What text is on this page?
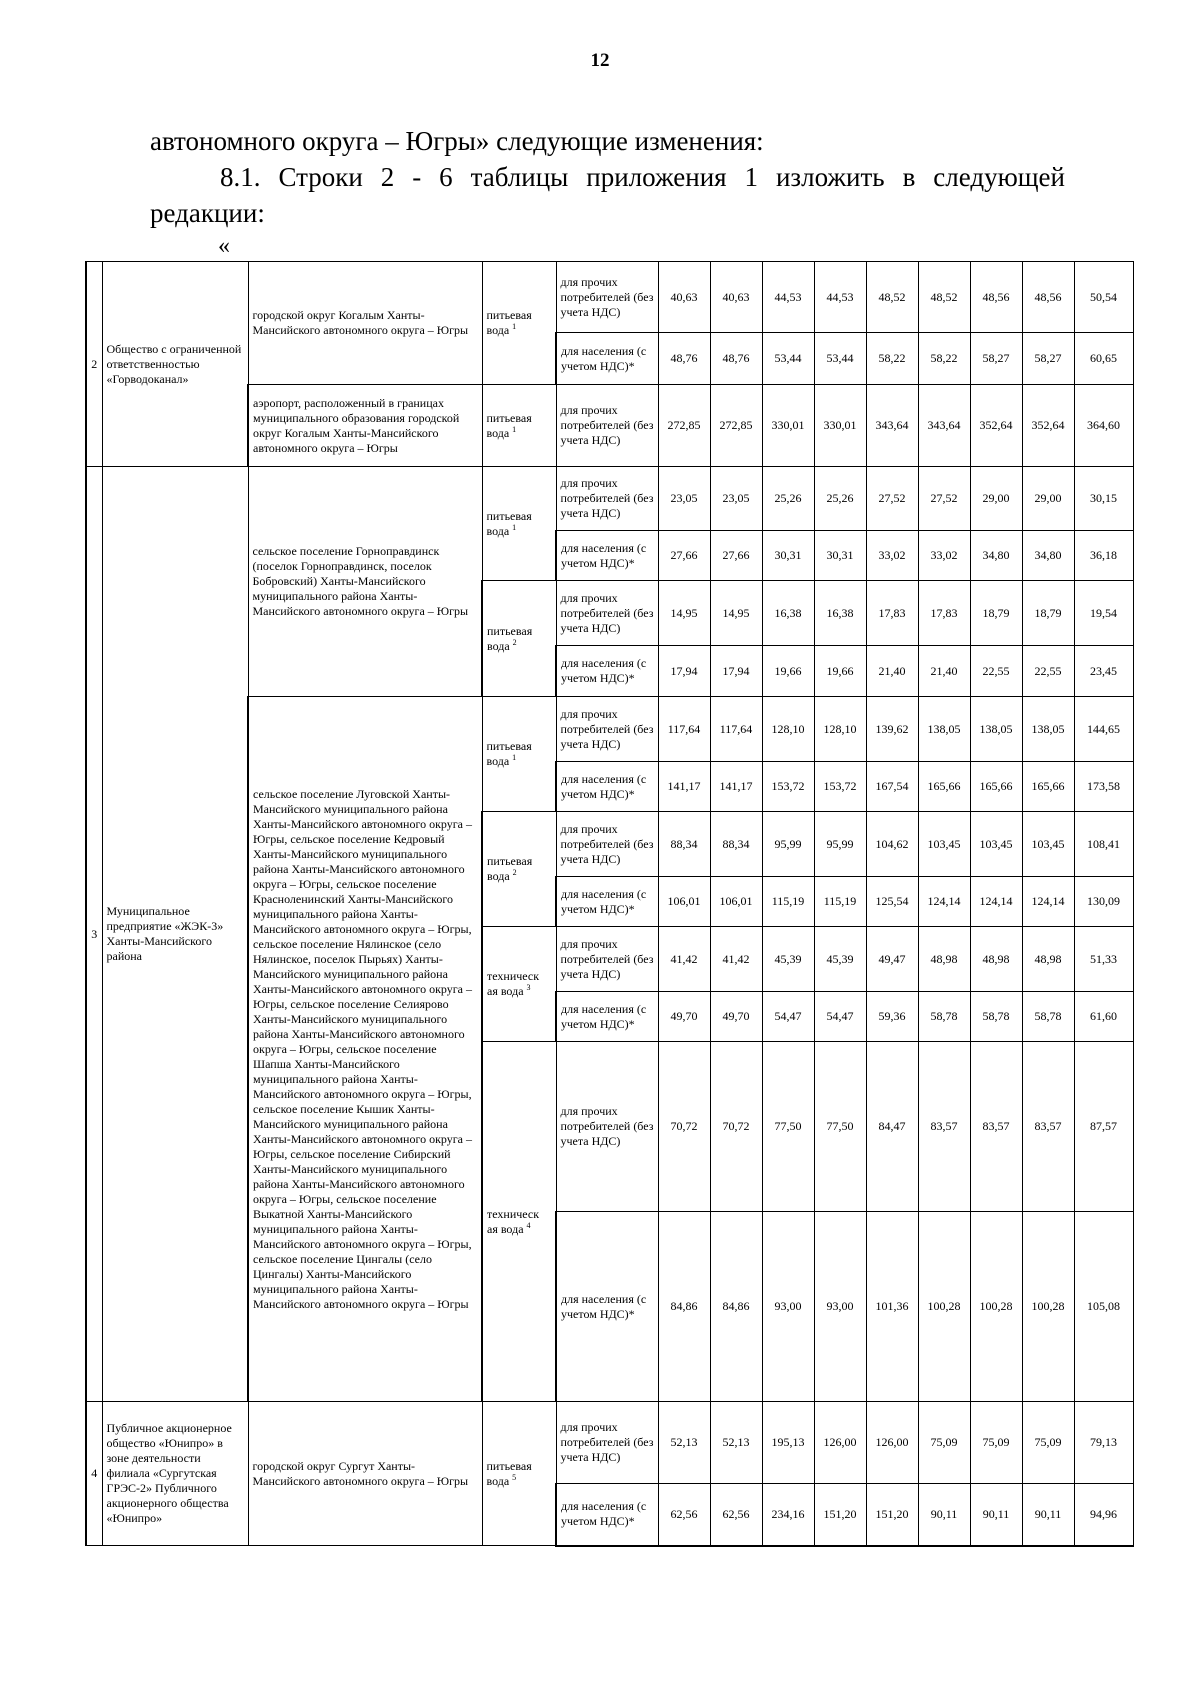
12
автономного округа – Югры» следующие изменения:
8.1. Строки 2 - 6 таблицы приложения 1 изложить в следующей
редакции:
«
2	Общество с ограниченной ответственностью «Горводоканал»	городской округ Когалым Ханты-Мансийского автономного округа – Югры	питьевая вода $^1$	для прочих потребителей (без учета НДС)	40,63	40,63	44,53	44,53	48,52	48,52	48,56	48,56	50,54
				для населения (с учетом НДС)*	48,76	48,76	53,44	53,44	58,22	58,22	58,27	58,27	60,65
		аэропорт, расположенный в границах муниципального образования городской округ Когалым Ханты-Мансийского автономного округа – Югры	питьевая вода $^1$	для прочих потребителей (без учета НДС)	272,85	272,85	330,01	330,01	343,64	343,64	352,64	352,64	364,60
3	Муниципальное предприятие «ЖЭК-3» Ханты-Мансийского района	сельское поселение Горноправдинск (поселок Горноправдинск, поселок Бобровский) Ханты-Мансийского муниципального района Ханты-Мансийского автономного округа – Югры	питьевая вода $^1$	для прочих потребителей (без учета НДС)	23,05	23,05	25,26	25,26	27,52	27,52	29,00	29,00	30,15
				для населения (с учетом НДС)*	27,66	27,66	30,31	30,31	33,02	33,02	34,80	34,80	36,18
			питьевая вода $^2$	для прочих потребителей (без учета НДС)	14,95	14,95	16,38	16,38	17,83	17,83	18,79	18,79	19,54
				для населения (с учетом НДС)*	17,94	17,94	19,66	19,66	21,40	21,40	22,55	22,55	23,45
		сельское поселение Луговской Ханты-Мансийского муниципального района Ханты-Мансийского автономного округа – Югры, сельское поселение Кедровый Ханты-Мансийского муниципального района Ханты-Мансийского автономного округа – Югры, сельское поселение Красноленинский Ханты-Мансийского муниципального района Ханты-Мансийского автономного округа – Югры, сельское поселение Нялинское (село Нялинское, поселок Пырьях) Ханты-Мансийского муниципального района Ханты-Мансийского автономного округа – Югры, сельское поселение Селиярово Ханты-Мансийского муниципального района Ханты-Мансийского автономного округа – Югры, сельское поселение Шапша Ханты-Мансийского муниципального района Ханты-Мансийского автономного округа – Югры, сельское поселение Кышик Ханты-Мансийского муниципального района Ханты-Мансийского автономного округа – Югры, сельское поселение Сибирский Ханты-Мансийского муниципального района Ханты-Мансийского автономного округа – Югры, сельское поселение Выкатной Ханты-Мансийского муниципального района Ханты-Мансийского автономного округа – Югры, сельское поселение Цингалы (село Цингалы) Ханты-Мансийского муниципального района Ханты-Мансийского автономного округа – Югры	питьевая вода $^1$	для прочих потребителей (без учета НДС)	117,64	117,64	128,10	128,10	139,62	138,05	138,05	138,05	144,65
				для населения (с учетом НДС)*	141,17	141,17	153,72	153,72	167,54	165,66	165,66	165,66	173,58
			питьевая вода $^2$	для прочих потребителей (без учета НДС)	88,34	88,34	95,99	95,99	104,62	103,45	103,45	103,45	108,41
				для населения (с учетом НДС)*	106,01	106,01	115,19	115,19	125,54	124,14	124,14	124,14	130,09
			техническ ая вода $^3$	для прочих потребителей (без учета НДС)	41,42	41,42	45,39	45,39	49,47	48,98	48,98	48,98	51,33
				для населения (с учетом НДС)*	49,70	49,70	54,47	54,47	59,36	58,78	58,78	58,78	61,60
			техническ ая вода $^4$	для прочих потребителей (без учета НДС)	70,72	70,72	77,50	77,50	84,47	83,57	83,57	83,57	87,57
				для населения (с учетом НДС)*	84,86	84,86	93,00	93,00	101,36	100,28	100,28	100,28	105,08
4	Публичное акционерное общество «Юнипро» в зоне деятельности филиала «Сургутская ГРЭС-2» Публичного акционерного общества «Юнипро»	городской округ Сургут Ханты-Мансийского автономного округа – Югры	питьевая вода $^5$	для прочих потребителей (без учета НДС)	52,13	52,13	195,13	126,00	126,00	75,09	75,09	75,09	79,13
				для населения (с учетом НДС)*	62,56	62,56	234,16	151,20	151,20	90,11	90,11	90,11	94,96
